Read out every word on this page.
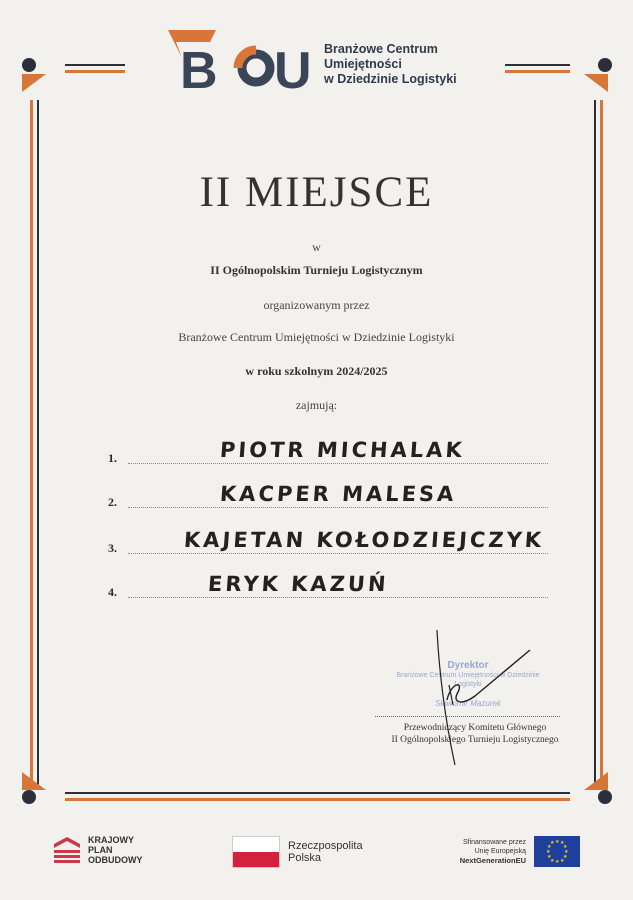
B U Branżowe Centrum
Umiejętności
w Dziedzinie Logistyki
II MIEJSCE
w
II Ogólnopolskim Turnieju Logistycznym
organizowanym przez
Branżowe Centrum Umiejętności w Dziedzinie Logistyki
w roku szkolnym 2024/2025
zajmują:
1.	PIOTR MICHALAK
2.	KACPER MALESA
3.	KAJETAN KOŁODZIEJCZYK
4.	ERYK KAZUŃ
Dyrektor
Branżowe Centrum Umiejętności w Dziedzinie Logistyki
Sławomir Mazurek
Przewodniczący Komitetu Głównego
II Ogólnopolskiego Turnieju Logistycznego
KRAJOWY
PLAN
ODBUDOWY
Rzeczpospolita
Polska
Sfinansowane przez
Unię Europejską
NextGenerationEU
★ ★
★
★
★
★
★
★
★
★
★
★
